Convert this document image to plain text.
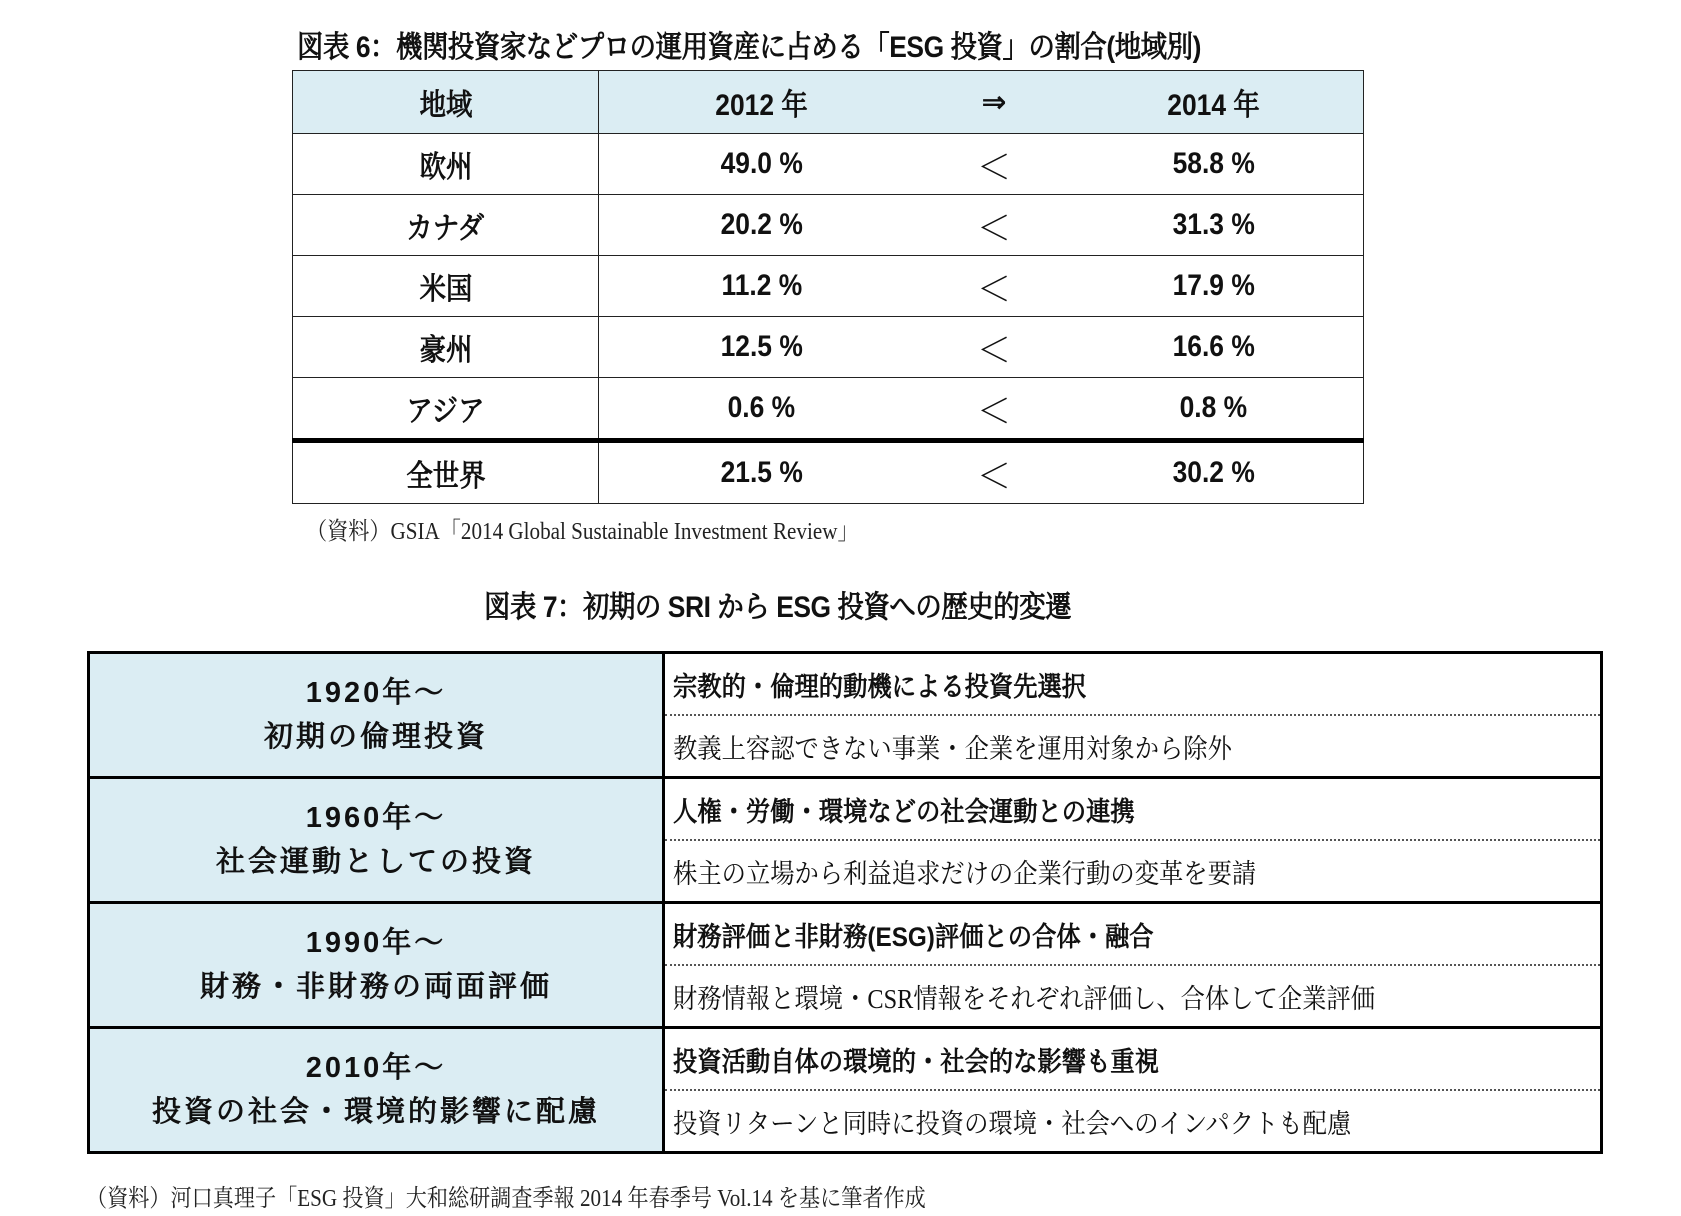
図表 6：機関投資家などプロの運用資産に占める「ESG 投資」の割合(地域別)
地域	2012 年	⇒	2014 年
欧州	49.0 %	＜	58.8 %
カナダ	20.2 %	＜	31.3 %
米国	11.2 %	＜	17.9 %
豪州	12.5 %	＜	16.6 %
アジア	0.6 %	＜	0.8 %
全世界	21.5 %	＜	30.2 %
（資料）GSIA「2014 Global Sustainable Investment Review」
図表 7：初期の SRI から ESG 投資への歴史的変遷
1920年～
初期の倫理投資	宗教的・倫理的動機による投資先選択
	教義上容認できない事業・企業を運用対象から除外

1960年～
社会運動としての投資	人権・労働・環境などの社会運動との連携
	株主の立場から利益追求だけの企業行動の変革を要請

1990年～
財務・非財務の両面評価	財務評価と非財務(ESG)評価との合体・融合
	財務情報と環境・CSR情報をそれぞれ評価し、合体して企業評価

2010年～
投資の社会・環境的影響に配慮	投資活動自体の環境的・社会的な影響も重視
	投資リターンと同時に投資の環境・社会へのインパクトも配慮
（資料）河口真理子「ESG 投資」大和総研調査季報 2014 年春季号 Vol.14 を基に筆者作成
